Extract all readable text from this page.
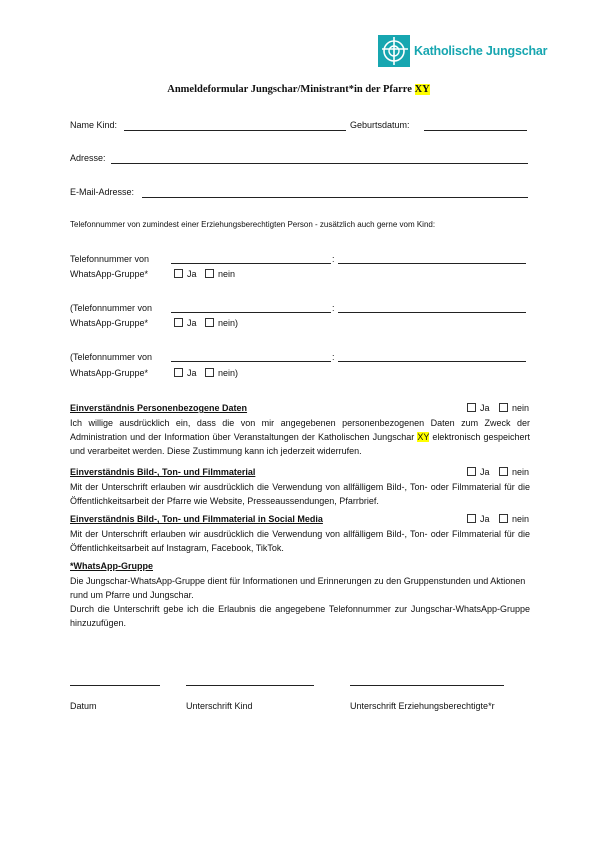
Katholische Jungschar
Anmeldeformular Jungschar/Ministrant*in der Pfarre XY
Name Kind:	Geburtsdatum:
Adresse:
E-Mail-Adresse:
Telefonnummer von zumindest einer Erziehungsberechtigten Person - zusätzlich auch gerne vom Kind:
Telefonnummer von	:
WhatsApp-Gruppe*	Ja	nein
(Telefonnummer von	:
WhatsApp-Gruppe*	Ja	nein)
(Telefonnummer von	:
WhatsApp-Gruppe*	Ja	nein)
Einverständnis Personenbezogene Daten	Ja	nein
Ich willige ausdrücklich ein, dass die von mir angegebenen personenbezogenen Daten zum Zweck der Administration und der Information über Veranstaltungen der Katholischen Jungschar XY elektronisch gespeichert und verarbeitet werden. Diese Zustimmung kann ich jederzeit widerrufen.
Einverständnis Bild-, Ton- und Filmmaterial	Ja	nein
Mit der Unterschrift erlauben wir ausdrücklich die Verwendung von allfälligem Bild-, Ton- oder Filmmaterial für die Öffentlichkeitsarbeit der Pfarre wie Website, Presseaussendungen, Pfarrbrief.
Einverständnis Bild-, Ton- und Filmmaterial in Social Media	Ja	nein
Mit der Unterschrift erlauben wir ausdrücklich die Verwendung von allfälligem Bild-, Ton- oder Filmmaterial für die Öffentlichkeitsarbeit auf Instagram, Facebook, TikTok.
*WhatsApp-Gruppe
Die Jungschar-WhatsApp-Gruppe dient für Informationen und Erinnerungen zu den Gruppenstunden und Aktionen rund um Pfarre und Jungschar.
Durch die Unterschrift gebe ich die Erlaubnis die angegebene Telefonnummer zur Jungschar-WhatsApp-Gruppe hinzuzufügen.
Datum	Unterschrift Kind	Unterschrift Erziehungsberechtigte*r
